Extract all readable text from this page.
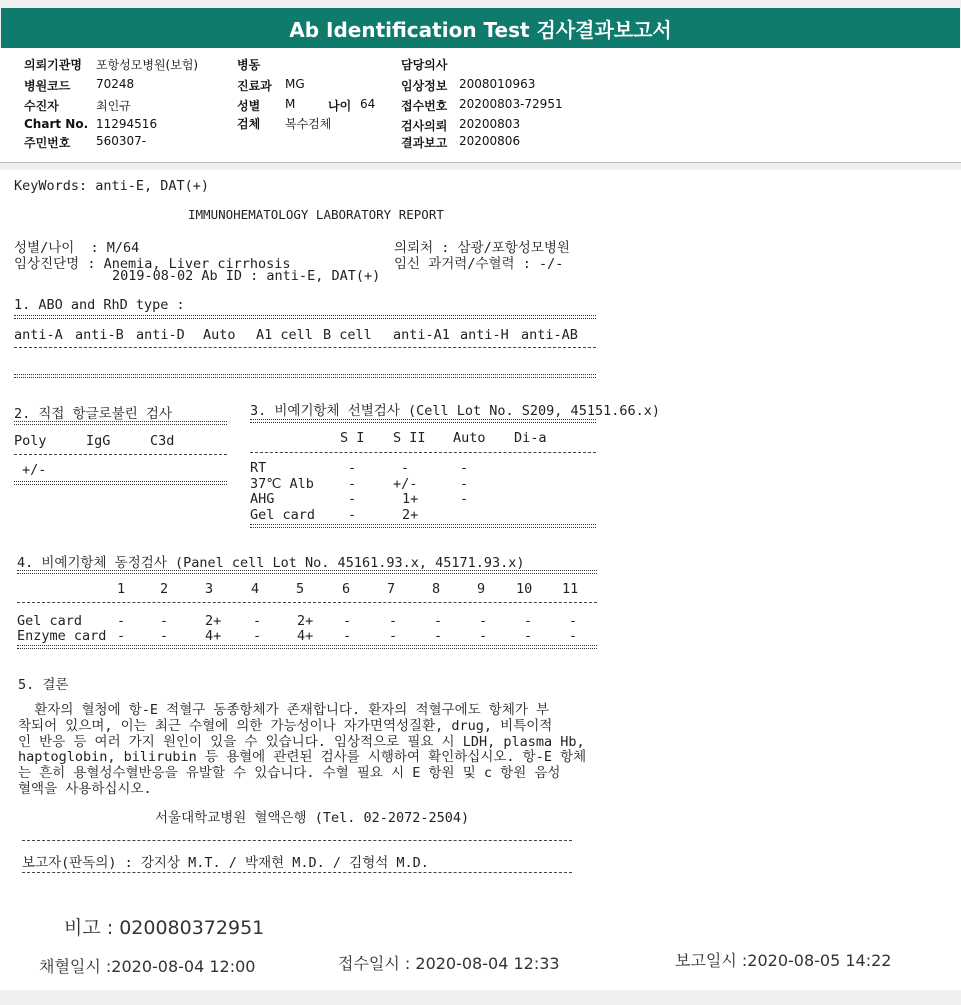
Ab Identification Test 검사결과보고서
의뢰기관명 포항성모병원(보험)
병원코드 70248
수진자	최인규
Chart No. 11294516
주민번호 560307-
병동
진료과 MG
성별 M	나이 64
검체 복수검체
담당의사
임상정보 2008010963
접수번호 20200803-72951
검사의뢰 20200803
결과보고 20200806
KeyWords: anti-E, DAT(+)
IMMUNOHEMATOLOGY LABORATORY REPORT
성별/나이  : M/64
임상진단명 : Anemia, Liver cirrhosis
2019-08-02 Ab ID : anti-E, DAT(+)
의뢰처 : 삼광/포항성모병원
임신 과거력/수혈력 : -/-
1. ABO and RhD type :
anti-A anti-B anti-D Auto A1 cell B cell anti-A1 anti-H anti-AB
2. 직접 항글로불린 검사
Poly	IgG	C3d
+/-
3. 비예기항체 선별검사 (Cell Lot No. S209, 45151.66.x)
S I S II Auto Di-a
RT	-	-	-
37℃ Alb	-	+/-	-
AHG	-	1+	-
Gel card -	2+
4. 비예기항체 동정검사 (Panel cell Lot No. 45161.93.x, 45171.93.x)
1	2	3	4	5	6	7	8	9 10 11
Gel card	-	-	2+ -	2+ -	-	-	-	-	-
Enzyme card -	-	4+ -	4+ -	-	-	-	-	-
5. 결론
환자의 혈청에 항-E 적혈구 동종항체가 존재합니다. 환자의 적혈구에도 항체가 부
착되어 있으며, 이는 최근 수혈에 의한 가능성이나 자가면역성질환, drug, 비특이적
인 반응 등 여러 가지 원인이 있을 수 있습니다. 임상적으로 필요 시 LDH, plasma Hb,
haptoglobin, bilirubin 등 용혈에 관련된 검사를 시행하여 확인하십시오. 항-E 항체
는 흔히 용혈성수혈반응을 유발할 수 있습니다. 수혈 필요 시 E 항원 및 c 항원 음성
혈액을 사용하십시오.
서울대학교병원 혈액은행 (Tel. 02-2072-2504)
보고자(판독의) : 강지상 M.T. / 박재현 M.D. / 김형석 M.D.
비고 : 020080372951
채혈일시 :2020-08-04 12:00	접수일시 : 2020-08-04 12:33	보고일시 :2020-08-05 14:22
